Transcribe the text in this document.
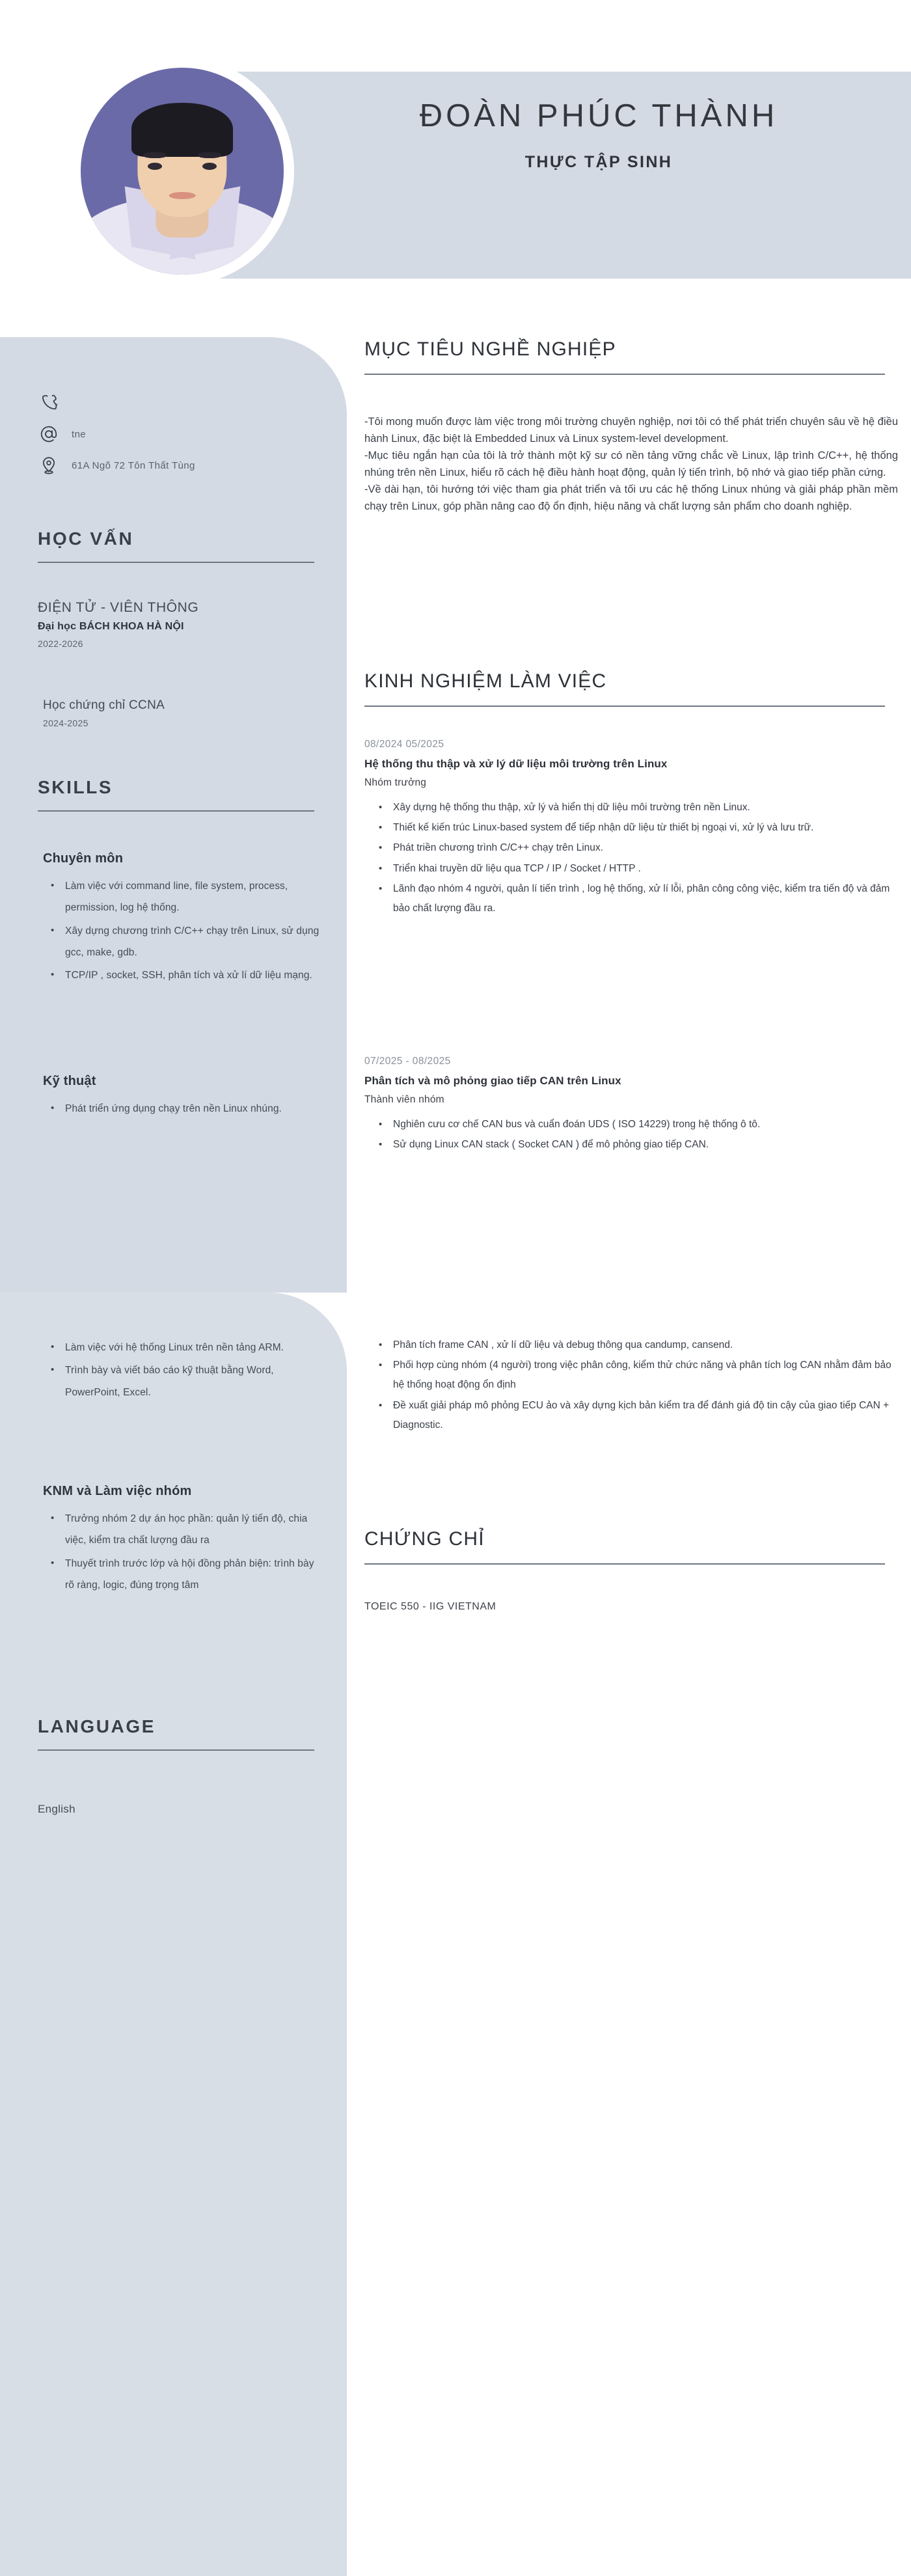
ĐOÀN PHÚC THÀNH
THỰC TẬP SINH
tne
61A Ngõ 72 Tôn Thất Tùng
HỌC VẤN
ĐIỆN TỬ - VIÊN THÔNG
Đại học BÁCH KHOA HÀ NỘI
2022-2026
Học chứng chỉ CCNA
2024-2025
SKILLS
Chuyên môn
• Làm việc với command line, file system, process, permission, log hệ thống.
• Xây dựng chương trình C/C++ chạy trên Linux, sử dụng gcc, make, gdb.
• TCP/IP , socket, SSH, phân tích và xử lí dữ liệu mạng.
Kỹ thuật
• Phát triển ứng dụng chạy trên nền Linux nhúng.
• Làm việc với hệ thống Linux trên nền tảng ARM.
• Trình bày và viết báo cáo kỹ thuật bằng Word, PowerPoint, Excel.
KNM và Làm việc nhóm
• Trưởng nhóm 2 dự án học phần: quản lý tiến độ, chia việc, kiểm tra chất lượng đầu ra
• Thuyết trình trước lớp và hội đồng phản biện: trình bày rõ ràng, logic, đúng trọng tâm
LANGUAGE
English
MỤC TIÊU NGHỀ NGHIỆP

-Tôi mong muốn được làm việc trong môi trường chuyên nghiệp, nơi tôi có thể phát triển chuyên sâu về hệ điều hành Linux, đặc biệt là Embedded Linux và Linux system-level development.

-Mục tiêu ngắn hạn của tôi là trở thành một kỹ sư có nền tảng vững chắc về Linux, lập trình C/C++, hệ thống nhúng trên nền Linux, hiểu rõ cách hệ điều hành hoạt động, quản lý tiến trình, bộ nhớ và giao tiếp phần cứng.

-Về dài hạn, tôi hướng tới việc tham gia phát triển và tối ưu các hệ thống Linux nhúng và giải pháp phần mềm chạy trên Linux, góp phần nâng cao độ ổn định, hiệu năng và chất lượng sản phẩm cho doanh nghiệp.

KINH NGHIỆM LÀM VIỆC
08/2024 05/2025
Hệ thống thu thập và xử lý dữ liệu môi trường trên Linux
Nhóm trưởng
• Xây dựng hệ thống thu thập, xử lý và hiển thị dữ liệu môi trường trên nền Linux.
• Thiết kế kiến trúc Linux-based system để tiếp nhận dữ liệu từ thiết bị ngoại vi, xử lý và lưu trữ.
• Phát triền chương trình C/C++ chạy trên Linux.
• Triển khai truyền dữ liệu qua TCP / IP / Socket / HTTP .
• Lãnh đạo nhóm 4 người, quản lí tiến trình , log hệ thống, xử lí lỗi, phân công công việc, kiểm tra tiến độ và đảm bảo chất lượng đầu ra.
07/2025 - 08/2025
Phân tích và mô phỏng giao tiếp CAN trên Linux
Thành viên nhóm
• Nghiên cưu cơ chế CAN bus và cuẩn đoán UDS ( ISO 14229) trong hệ thống ô tô.
• Sử dụng Linux CAN stack ( Socket CAN ) để mô phỏng giao tiếp CAN.
• Phân tích frame CAN , xử lí dữ liệu và debug thông qua candump, cansend.
• Phối hợp cùng nhóm (4 người) trong việc phân công, kiểm thử chức năng và phân tích log CAN nhằm đảm bảo hệ thống hoạt động ổn định
• Đề xuất giải pháp mô phỏng ECU ảo và xây dựng kịch bản kiểm tra để đánh giá độ tin cậy của giao tiếp CAN + Diagnostic.
CHỨNG CHỈ
TOEIC 550 - IIG VIETNAM
